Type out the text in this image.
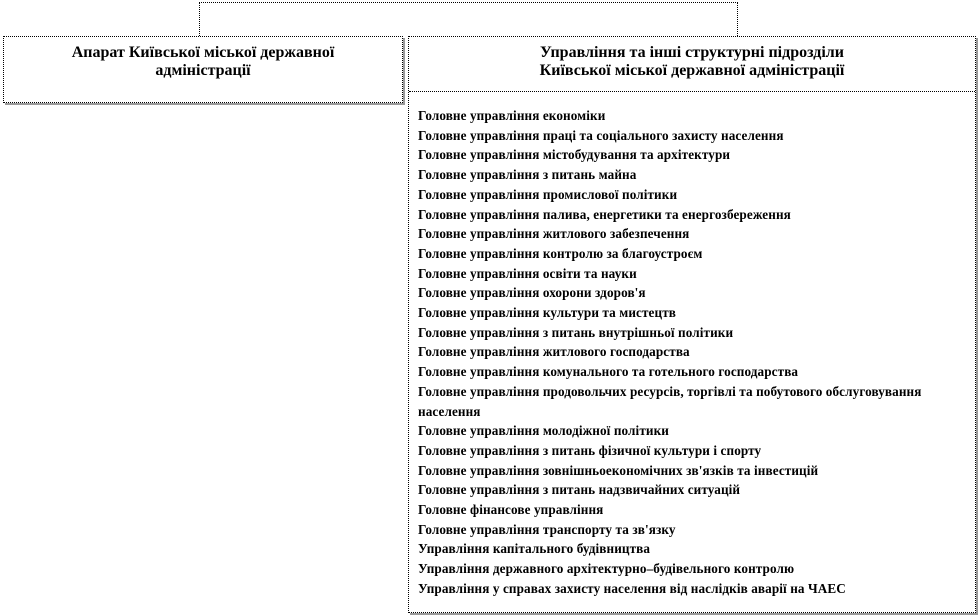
Апарат Київської міської державної
адміністрації
Управління та інші структурні підрозділи
Київської міської державної адміністрації
Головне управління економіки
Головне управління праці та соціального захисту населення
Головне управління містобудування та архітектури
Головне управління з питань майна
Головне управління промислової політики
Головне управління палива, енергетики та енергозбереження
Головне управління житлового забезпечення
Головне управління контролю за благоустроєм
Головне управління освіти та науки
Головне управління охорони здоров'я
Головне управління культури та мистецтв
Головне управління з питань внутрішньої політики
Головне управління житлового господарства
Головне управління комунального та готельного господарства
Головне управління продовольчих ресурсів, торгівлі та побутового обслуговування населення
Головне управління молодіжної політики
Головне управління з питань фізичної культури і спорту
Головне управління зовнішньоекономічних зв'язків та інвестицій
Головне управління з питань надзвичайних ситуацій
Головне фінансове управління
Головне управління транспорту та зв'язку
Управління капітального будівництва
Управління державного архітектурно–будівельного контролю
Управління у справах захисту населення від наслідків аварії на ЧАЕС
